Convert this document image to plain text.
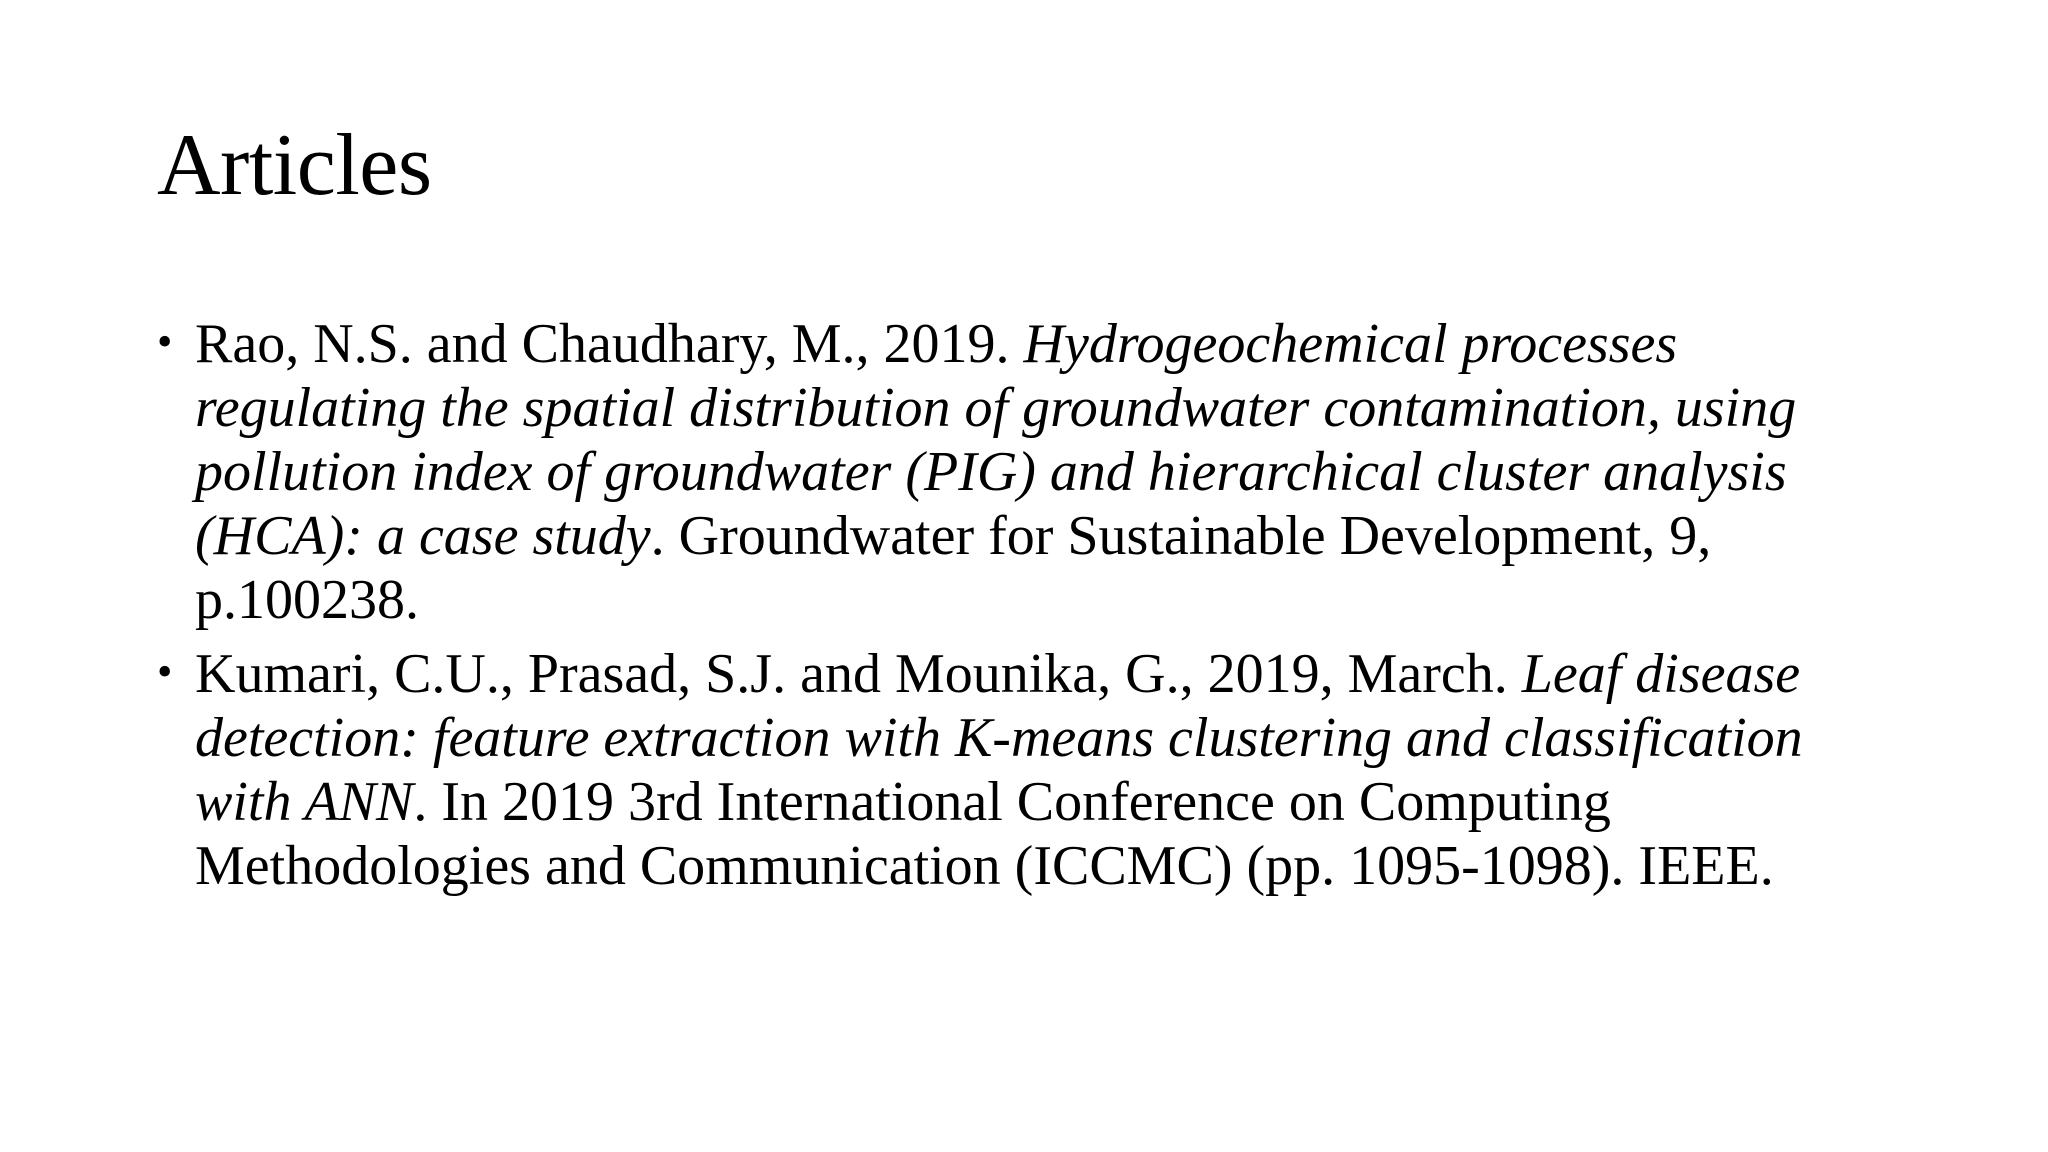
Articles
• Rao, N.S. and Chaudhary, M., 2019. Hydrogeochemical processes regulating the spatial distribution of groundwater contamination, using pollution index of groundwater (PIG) and hierarchical cluster analysis (HCA): a case study. Groundwater for Sustainable Development, 9, p.100238.
• Kumari, C.U., Prasad, S.J. and Mounika, G., 2019, March. Leaf disease detection: feature extraction with K-means clustering and classification with ANN. In 2019 3rd International Conference on Computing Methodologies and Communication (ICCMC) (pp. 1095-1098). IEEE.
